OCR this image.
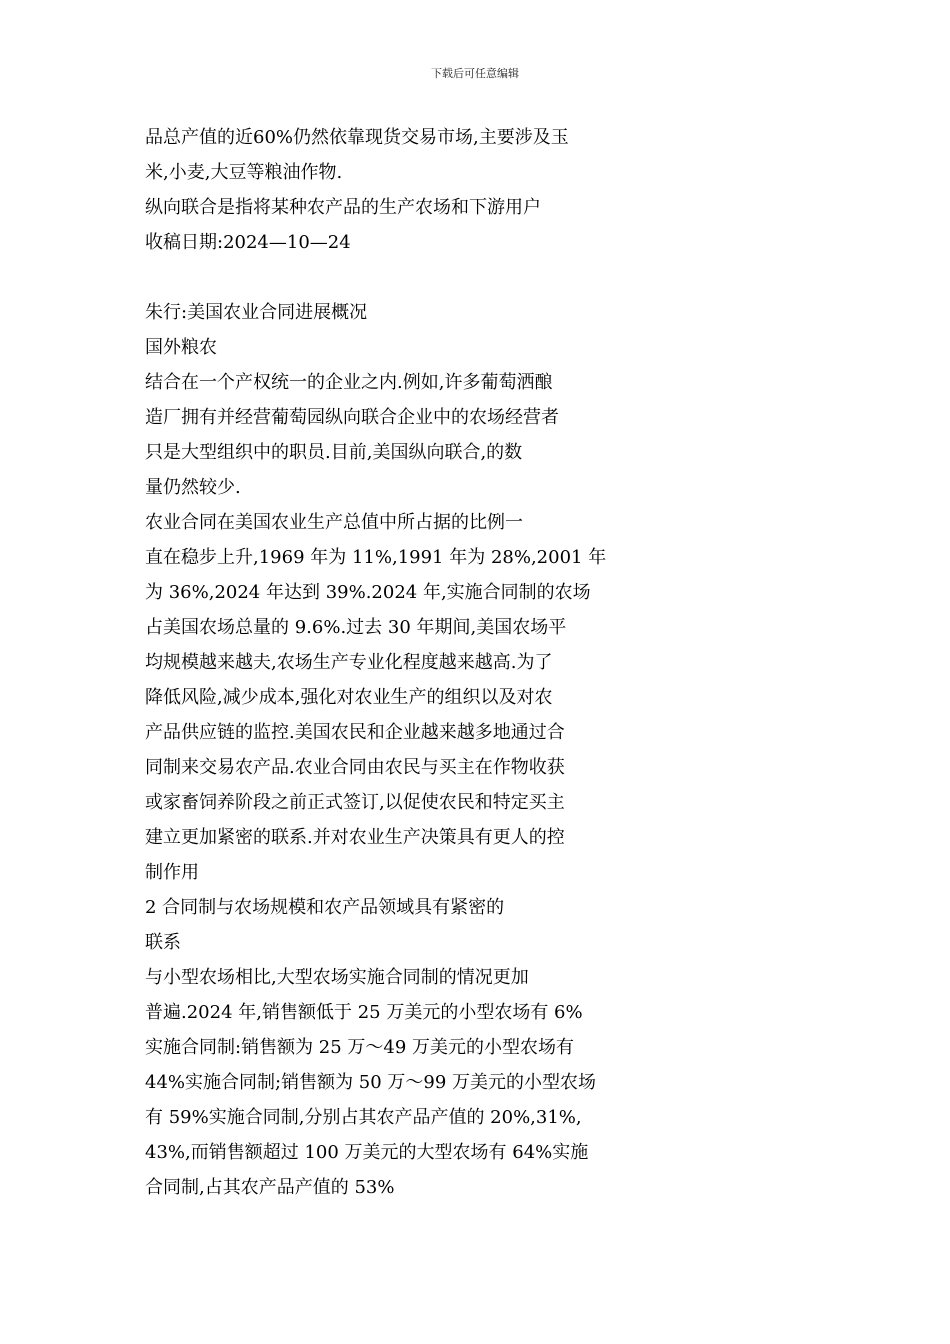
下载后可任意编辑
品总产值的近60%仍然依靠现货交易市场,主要涉及玉
米,小麦,大豆等粮油作物.
纵向联合是指将某种农产品的生产农场和下游用户
收稿日期:2024—10—24
朱行:美国农业合同进展概况
国外粮农
结合在一个产权统一的企业之内.例如,许多葡萄洒酿
造厂拥有并经营葡萄园纵向联合企业中的农场经营者
只是大型组织中的职员.目前,美国纵向联合,的数
量仍然较少.
农业合同在美国农业生产总值中所占据的比例一
直在稳步上升,1969 年为 11%,1991 年为 28%,2001 年
为 36%,2024 年达到 39%.2024 年,实施合同制的农场
占美国农场总量的 9.6%.过去 30 年期间,美国农场平
均规模越来越夫,农场生产专业化程度越来越高.为了
降低风险,减少成本,强化对农业生产的组织以及对农
产品供应链的监控.美国农民和企业越来越多地通过合
同制来交易农产品.农业合同由农民与买主在作物收获
或家畜饲养阶段之前正式签订,以促使农民和特定买主
建立更加紧密的联系.并对农业生产决策具有更人的控
制作用
2 合同制与农场规模和农产品领域具有紧密的
联系
与小型农场相比,大型农场实施合同制的情况更加
普遍.2024 年,销售额低于 25 万美元的小型农场有 6%
实施合同制:销售额为 25 万～49 万美元的小型农场有
44%实施合同制;销售额为 50 万～99 万美元的小型农场
有 59%实施合同制,分别占其农产品产值的 20%,31%,
43%,而销售额超过 100 万美元的大型农场有 64%实施
合同制,占其农产品产值的 53%
